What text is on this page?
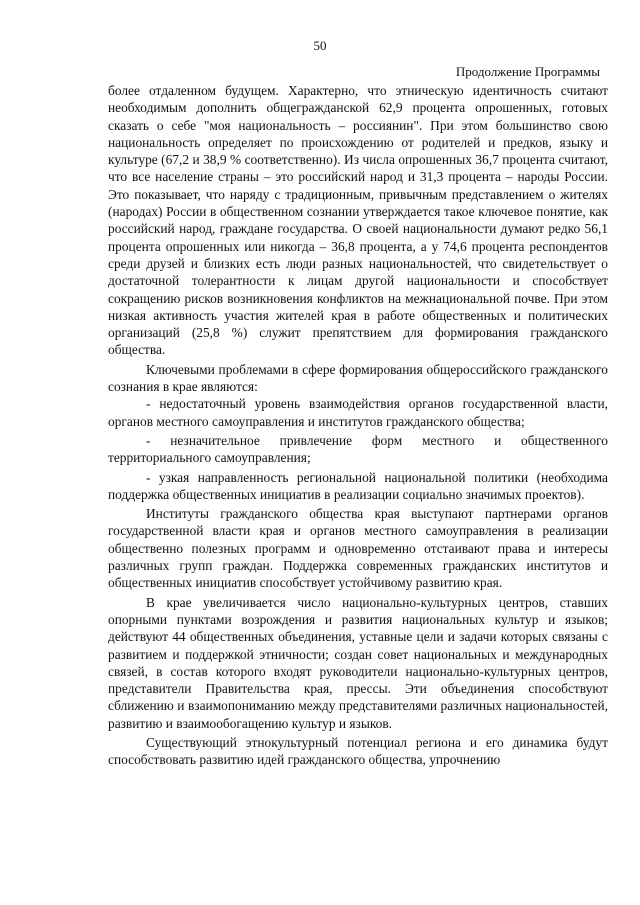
50
Продолжение Программы

более отдаленном будущем. Характерно, что этническую идентичность считают необходимым дополнить общегражданской 62,9 процента опрошенных, готовых сказать о себе "моя национальность – россиянин". При этом большинство свою национальность определяет по происхождению от родителей и предков, языку и культуре (67,2 и 38,9 % соответственно). Из числа опрошенных 36,7 процента считают, что все население страны – это российский народ и 31,3 процента – народы России. Это показывает, что наряду с традиционным, привычным представлением о жителях (народах) России в общественном сознании утверждается такое ключевое понятие, как российский народ, граждане государства. О своей национальности думают редко 56,1 процента опрошенных или никогда – 36,8 процента, а у 74,6 процента респондентов среди друзей и близких есть люди разных национальностей, что свидетельствует о достаточной толерантности к лицам другой национальности и способствует сокращению рисков возникновения конфликтов на межнациональной почве. При этом низкая активность участия жителей края в работе общественных и политических организаций (25,8 %) служит препятствием для формирования гражданского общества.

Ключевыми проблемами в сфере формирования общероссийского гражданского сознания в крае являются:

- недостаточный уровень взаимодействия органов государственной власти, органов местного самоуправления и институтов гражданского общества;

- незначительное привлечение форм местного и общественного территориального самоуправления;

- узкая направленность региональной национальной политики (необходима поддержка общественных инициатив в реализации социально значимых проектов).

Институты гражданского общества края выступают партнерами органов государственной власти края и органов местного самоуправления в реализации общественно полезных программ и одновременно отстаивают права и интересы различных групп граждан. Поддержка современных гражданских институтов и общественных инициатив способствует устойчивому развитию края.

В крае увеличивается число национально-культурных центров, ставших опорными пунктами возрождения и развития национальных культур и языков; действуют 44 общественных объединения, уставные цели и задачи которых связаны с развитием и поддержкой этничности; создан совет национальных и международных связей, в состав которого входят руководители национально-культурных центров, представители Правительства края, прессы. Эти объединения способствуют сближению и взаимопониманию между представителями различных национальностей, развитию и взаимообогащению культур и языков.

Существующий этнокультурный потенциал региона и его динамика будут способствовать развитию идей гражданского общества, упрочнению
